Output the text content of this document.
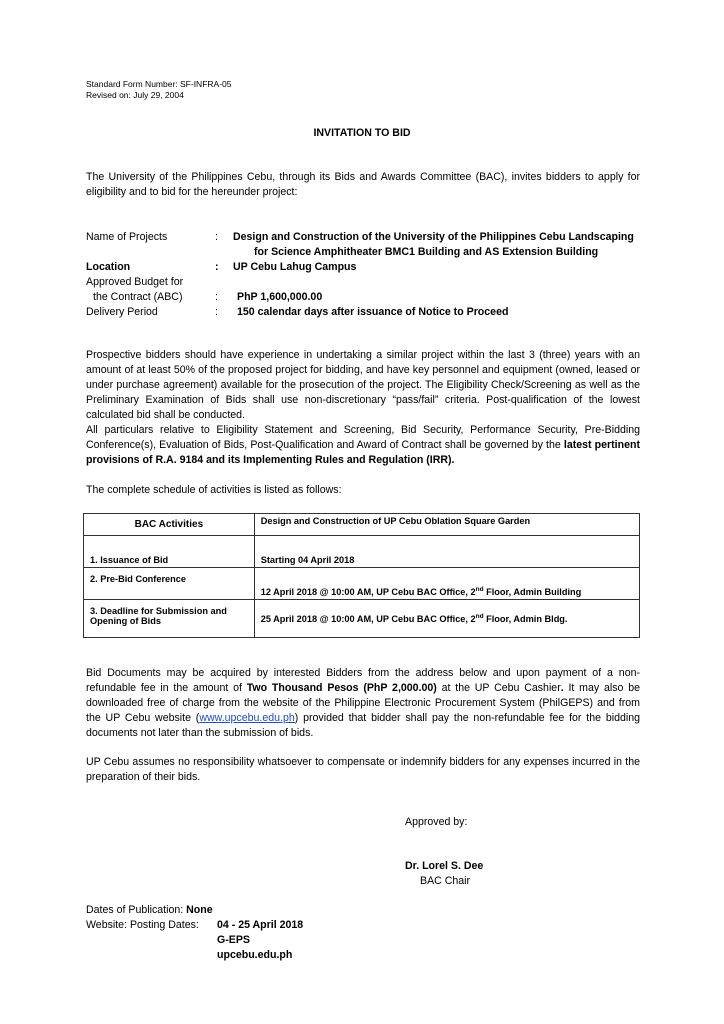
Standard Form Number: SF-INFRA-05
Revised on: July 29, 2004
INVITATION TO BID
The University of the Philippines Cebu, through its Bids and Awards Committee (BAC), invites bidders to apply for eligibility and to bid for the hereunder project:
Name of Projects	: Design and Construction of the University of the Philippines Cebu Landscaping
for Science Amphitheater BMC1 Building and AS Extension Building
Location	: UP Cebu Lahug Campus
Approved Budget for
the Contract (ABC)	: PhP 1,600,000.00
Delivery Period	: 150 calendar days after issuance of Notice to Proceed
Prospective bidders should have experience in undertaking a similar project within the last 3 (three) years with an amount of at least 50% of the proposed project for bidding, and have key personnel and equipment (owned, leased or under purchase agreement) available for the prosecution of the project. The Eligibility Check/Screening as well as the Preliminary Examination of Bids shall use non-discretionary “pass/fail” criteria. Post-qualification of the lowest calculated bid shall be conducted.
All particulars relative to Eligibility Statement and Screening, Bid Security, Performance Security, Pre-Bidding Conference(s), Evaluation of Bids, Post-Qualification and Award of Contract shall be governed by the latest pertinent provisions of R.A. 9184 and its Implementing Rules and Regulation (IRR).
The complete schedule of activities is listed as follows:
BAC Activities	Design and Construction of UP Cebu Oblation Square Garden
1. Issuance of Bid	Starting 04 April 2018
2. Pre-Bid Conference	12 April 2018 @ 10:00 AM, UP Cebu BAC Office, 2nd Floor, Admin Building
3. Deadline for Submission and Opening of Bids	25 April 2018 @ 10:00 AM, UP Cebu BAC Office, 2nd Floor, Admin Bldg.
Bid Documents may be acquired by interested Bidders from the address below and upon payment of a non-refundable fee in the amount of Two Thousand Pesos (PhP 2,000.00) at the UP Cebu Cashier. It may also be downloaded free of charge from the website of the Philippine Electronic Procurement System (PhilGEPS) and from the UP Cebu website (www.upcebu.edu.ph) provided that bidder shall pay the non-refundable fee for the bidding documents not later than the submission of bids.
UP Cebu assumes no responsibility whatsoever to compensate or indemnify bidders for any expenses incurred in the preparation of their bids.
Approved by:
Dr. Lorel S. Dee
BAC Chair
Dates of Publication: None
Website: Posting Dates: 04 - 25 April 2018
G-EPS
upcebu.edu.ph
